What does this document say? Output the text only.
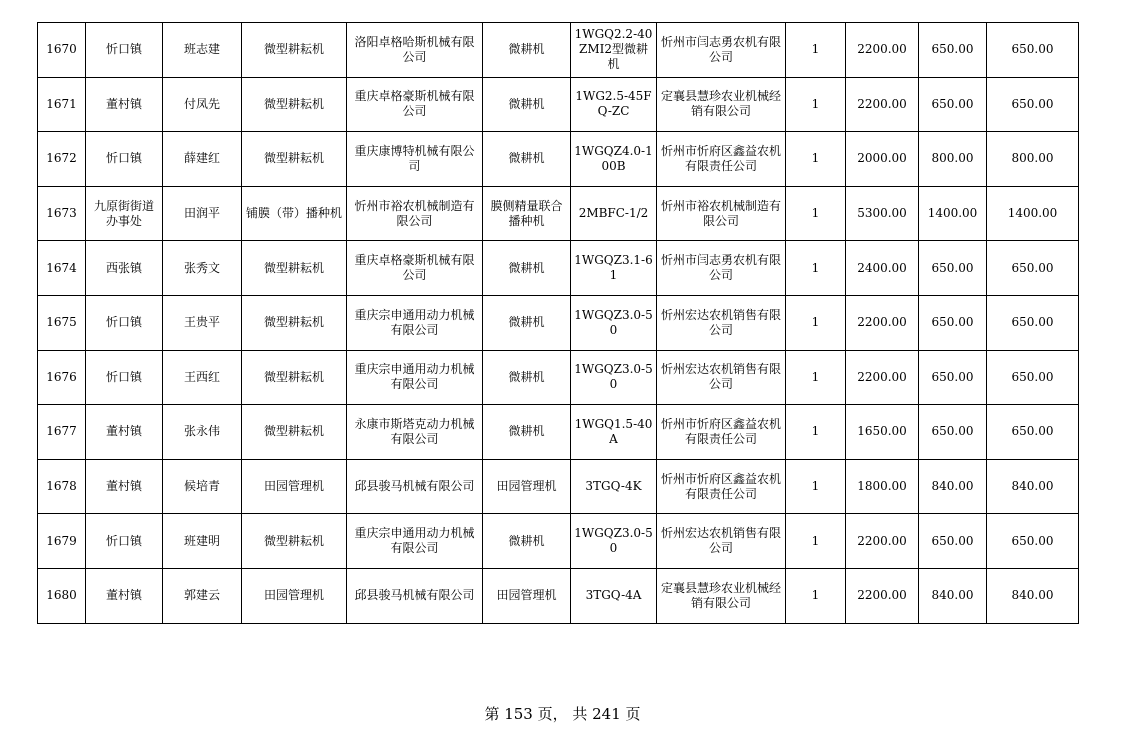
1670	忻口镇	班志建	微型耕耘机	洛阳卓格哈斯机械有限公司	微耕机	1WGQ2.2-40ZMI2型微耕机	忻州市闫志勇农机有限公司	1	2200.00	650.00	650.00
1671	董村镇	付凤先	微型耕耘机	重庆卓格豪斯机械有限公司	微耕机	1WG2.5-45FQ-ZC	定襄县慧珍农业机械经销有限公司	1	2200.00	650.00	650.00
1672	忻口镇	薛建红	微型耕耘机	重庆康博特机械有限公司	微耕机	1WGQZ4.0-100B	忻州市忻府区鑫益农机有限责任公司	1	2000.00	800.00	800.00
1673	九原街街道办事处	田润平	铺膜（带）播种机	忻州市裕农机械制造有限公司	膜侧精量联合播种机	2MBFC-1/2	忻州市裕农机械制造有限公司	1	5300.00	1400.00	1400.00
1674	西张镇	张秀文	微型耕耘机	重庆卓格豪斯机械有限公司	微耕机	1WGQZ3.1-61	忻州市闫志勇农机有限公司	1	2400.00	650.00	650.00
1675	忻口镇	王贵平	微型耕耘机	重庆宗申通用动力机械有限公司	微耕机	1WGQZ3.0-50	忻州宏达农机销售有限公司	1	2200.00	650.00	650.00
1676	忻口镇	王西红	微型耕耘机	重庆宗申通用动力机械有限公司	微耕机	1WGQZ3.0-50	忻州宏达农机销售有限公司	1	2200.00	650.00	650.00
1677	董村镇	张永伟	微型耕耘机	永康市斯塔克动力机械有限公司	微耕机	1WGQ1.5-40A	忻州市忻府区鑫益农机有限责任公司	1	1650.00	650.00	650.00
1678	董村镇	候培青	田园管理机	邱县骏马机械有限公司	田园管理机	3TGQ-4K	忻州市忻府区鑫益农机有限责任公司	1	1800.00	840.00	840.00
1679	忻口镇	班建明	微型耕耘机	重庆宗申通用动力机械有限公司	微耕机	1WGQZ3.0-50	忻州宏达农机销售有限公司	1	2200.00	650.00	650.00
1680	董村镇	郭建云	田园管理机	邱县骏马机械有限公司	田园管理机	3TGQ-4A	定襄县慧珍农业机械经销有限公司	1	2200.00	840.00	840.00
第 153 页， 共 241 页
